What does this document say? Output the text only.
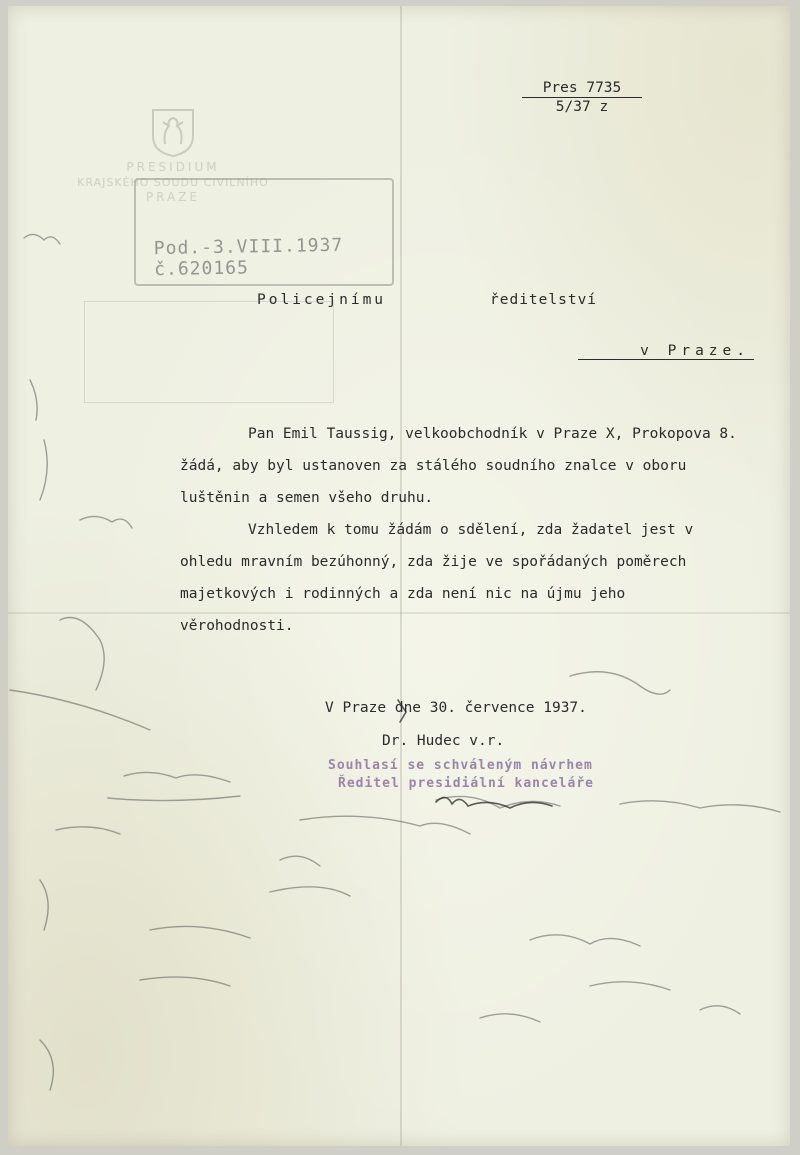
PRESIDIUM
KRAJSKÉHO SOUDU CIVILNÍHO
PRAZE
Pod.-3.VIII.1937 č.620165
Pres 7735
5/37 z
Policejnímu	ředitelství
v Praze.
Pan Emil Taussig, velkoobchodník v Praze X, Prokopova 8. žádá, aby byl ustanoven za stálého soudního znalce v oboru luštěnin a semen všeho druhu.
Vzhledem k tomu žádám o sdělení, zda žadatel jest v ohledu mravním bezúhonný, zda žije ve spořádaných poměrech majetkových i rodinných a zda není nic na újmu jeho věrohodnosti.
V Praze dne 30. července 1937.
Dr. Hudec v.r.
Souhlasí se schváleným návrhem
Ředitel presidiální kanceláře
